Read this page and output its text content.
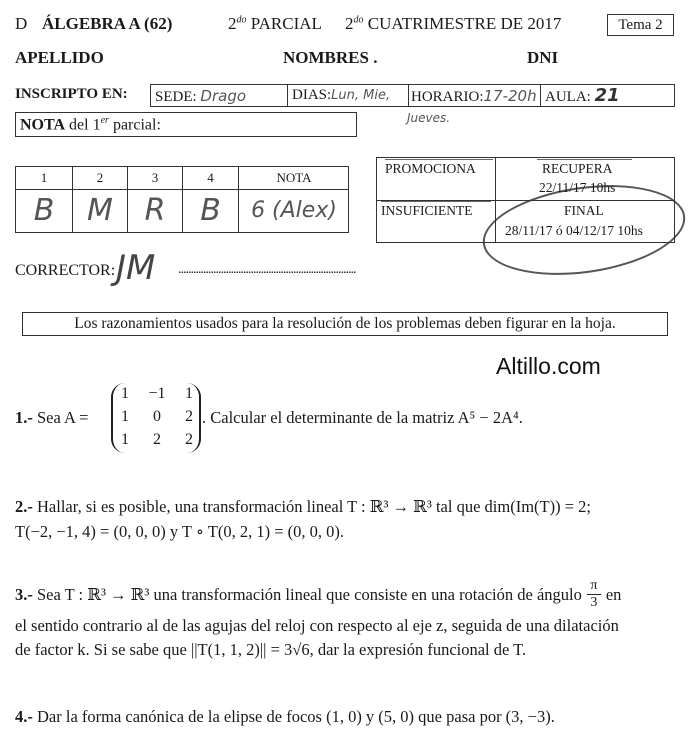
D ÁLGEBRA A (62)	$2^{do}$ PARCIAL $2^{do}$ CUATRIMESTRE DE 2017	Tema 2
APELLIDO	NOMBRES .	DNI
INSCRIPTO EN: SEDE: Drago	DIAS:Lun, Mie,	HORARIO:17-20h AULA: 21
Jueves.
NOTA del 1er parcial:
1	2	3	4	NOTA
B	M	R	B	6 (Alex)
PROMOCIONA	RECUPERA
22/11/17 10hs
INSUFICIENTE	FINAL
28/11/17 ó 04/12/17 10hs
CORRECTOR: JM .......................................................................
Los razonamientos usados para la resolución de los problemas deben figurar en la hoja.
Altillo.com
1.- Sea A =
1 −1 1
1 0 2
1 2 2
. Calcular el determinante de la matriz A⁵ − 2A⁴.
2.- Hallar, si es posible, una transformación lineal T : ℝ³ → ℝ³ tal que dim(Im(T)) = 2;
T(−2, −1, 4) = (0, 0, 0) y T ∘ T(0, 2, 1) = (0, 0, 0).
3.- Sea T : ℝ³ → ℝ³ una transformación lineal que consiste en una rotación de ángulo π
3 en
el sentido contrario al de las agujas del reloj con respecto al eje z, seguida de una dilatación
de factor k. Si se sabe que ||T(1, 1, 2)|| = 3√6, dar la expresión funcional de T.
4.- Dar la forma canónica de la elipse de focos (1, 0) y (5, 0) que pasa por (3, −3).
